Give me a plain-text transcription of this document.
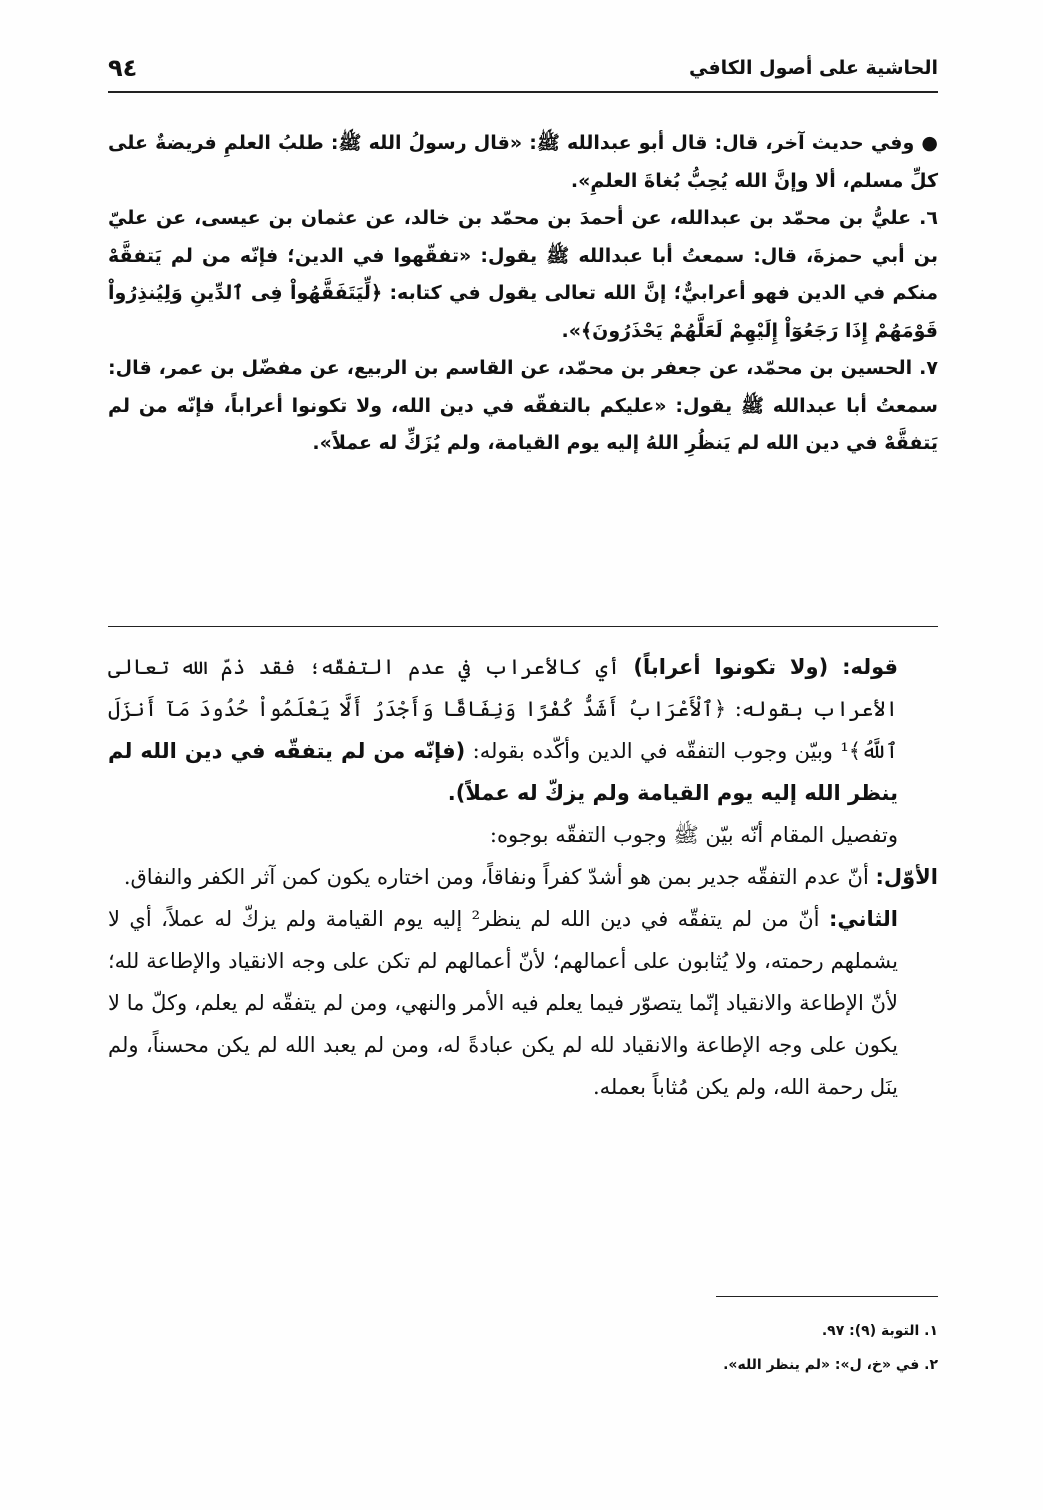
٩٤	الحاشية على أصول الكافي

● وفي حديث آخر، قال: قال أبو عبدالله ﷺ: «قال رسولُ الله ﷺ: طلبُ العلمِ فريضةٌ على كلِّ مسلم، ألا وإنَّ الله يُحِبُّ بُغاةَ العلمِ».

٦. عليُّ بن محمّد بن عبدالله، عن أحمدَ بن محمّد بن خالد، عن عثمان بن عيسى، عن عليّ بن أبي حمزةَ، قال: سمعتُ أبا عبدالله ﷺ يقول: «تفقّهوا في الدين؛ فإنّه من لم يَتفقَّهْ منكم في الدين فهو أعرابيٌّ؛ إنَّ الله تعالى يقول في كتابه: ﴿لِّيَتَفَقَّهُواْ فِى ٱلدِّينِ وَلِيُنذِرُواْ قَوْمَهُمْ إِذَا رَجَعُوٓاْ إِلَيْهِمْ لَعَلَّهُمْ يَحْذَرُونَ﴾».

٧. الحسين بن محمّد، عن جعفر بن محمّد، عن القاسم بن الربيع، عن مفضّل بن عمر، قال: سمعتُ أبا عبدالله ﷺ يقول: «عليكم بالتفقّه في دين الله، ولا تكونوا أعراباً، فإنّه من لم يَتفقَّهْ في دين الله لم يَنظُرِ اللهُ إليه يوم القيامة، ولم يُزَكِّ له عملاً».

قوله: (ولا تكونوا أعراباً) أي كالأعراب في عدم التفقّه؛ فقد ذمّ الله تعالى الأعراب بقوله: ﴿ٱلْأَعْرَابُ أَشَدُّ كُفْرًا وَنِفَاقًا وَأَجْدَرُ أَلَّا يَعْلَمُواْ حُدُودَ مَآ أَنزَلَ ٱللَّهُ﴾¹ وبيّن وجوب التفقّه في الدين وأكّده بقوله: (فإنّه من لم يتفقّه في دين الله لم ينظر الله إليه يوم القيامة ولم يزكّ له عملاً).

وتفصيل المقام أنّه بيّن ﷺ وجوب التفقّه بوجوه:

الأوّل: أنّ عدم التفقّه جدير بمن هو أشدّ كفراً ونفاقاً، ومن اختاره يكون كمن آثر الكفر والنفاق.

الثاني: أنّ من لم يتفقّه في دين الله لم ينظر² إليه يوم القيامة ولم يزكّ له عملاً، أي لا يشملهم رحمته، ولا يُثابون على أعمالهم؛ لأنّ أعمالهم لم تكن على وجه الانقياد والإطاعة لله؛ لأنّ الإطاعة والانقياد إنّما يتصوّر فيما يعلم فيه الأمر والنهي، ومن لم يتفقّه لم يعلم، وكلّ ما لا يكون على وجه الإطاعة والانقياد لله لم يكن عبادةً له، ومن لم يعبد الله لم يكن محسناً، ولم ينَل رحمة الله، ولم يكن مُثاباً بعمله.

١. التوبة (٩): ٩٧.

٢. في «خ، ل»: «لم ينظر الله».
